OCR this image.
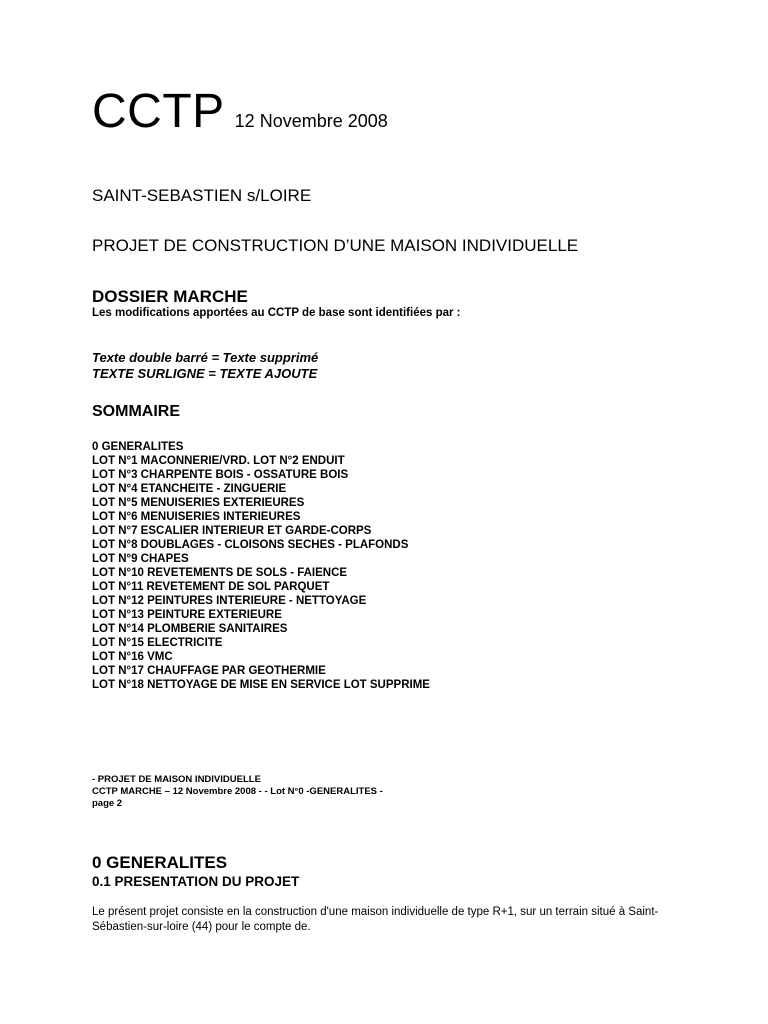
CCTP 12 Novembre 2008
SAINT-SEBASTIEN s/LOIRE
PROJET DE CONSTRUCTION D’UNE MAISON INDIVIDUELLE
DOSSIER MARCHE
Les modifications apportées au CCTP de base sont identifiées par :
Texte double barré = Texte supprimé
TEXTE SURLIGNE = TEXTE AJOUTE
SOMMAIRE
0 GENERALITES
LOT N°1 MACONNERIE/VRD. LOT N°2 ENDUIT
LOT N°3 CHARPENTE BOIS - OSSATURE BOIS
LOT N°4 ETANCHEITE - ZINGUERIE
LOT N°5 MENUISERIES EXTERIEURES
LOT N°6 MENUISERIES INTERIEURES
LOT N°7 ESCALIER INTERIEUR ET GARDE-CORPS
LOT N°8 DOUBLAGES - CLOISONS SECHES - PLAFONDS
LOT N°9 CHAPES
LOT N°10 REVETEMENTS DE SOLS - FAIENCE
LOT N°11 REVETEMENT DE SOL PARQUET
LOT N°12 PEINTURES INTERIEURE - NETTOYAGE
LOT N°13 PEINTURE EXTERIEURE
LOT N°14 PLOMBERIE SANITAIRES
LOT N°15 ELECTRICITE
LOT N°16 VMC
LOT N°17 CHAUFFAGE PAR GEOTHERMIE
LOT N°18 NETTOYAGE DE MISE EN SERVICE LOT SUPPRIME
- PROJET DE MAISON INDIVIDUELLE
CCTP MARCHE – 12 Novembre 2008 - - Lot N°0 -GENERALITES -
page 2
0 GENERALITES
0.1 PRESENTATION DU PROJET
Le présent projet consiste en la construction d'une maison individuelle de type R+1, sur un terrain situé à Saint-Sébastien-sur-loire (44) pour le compte de.
